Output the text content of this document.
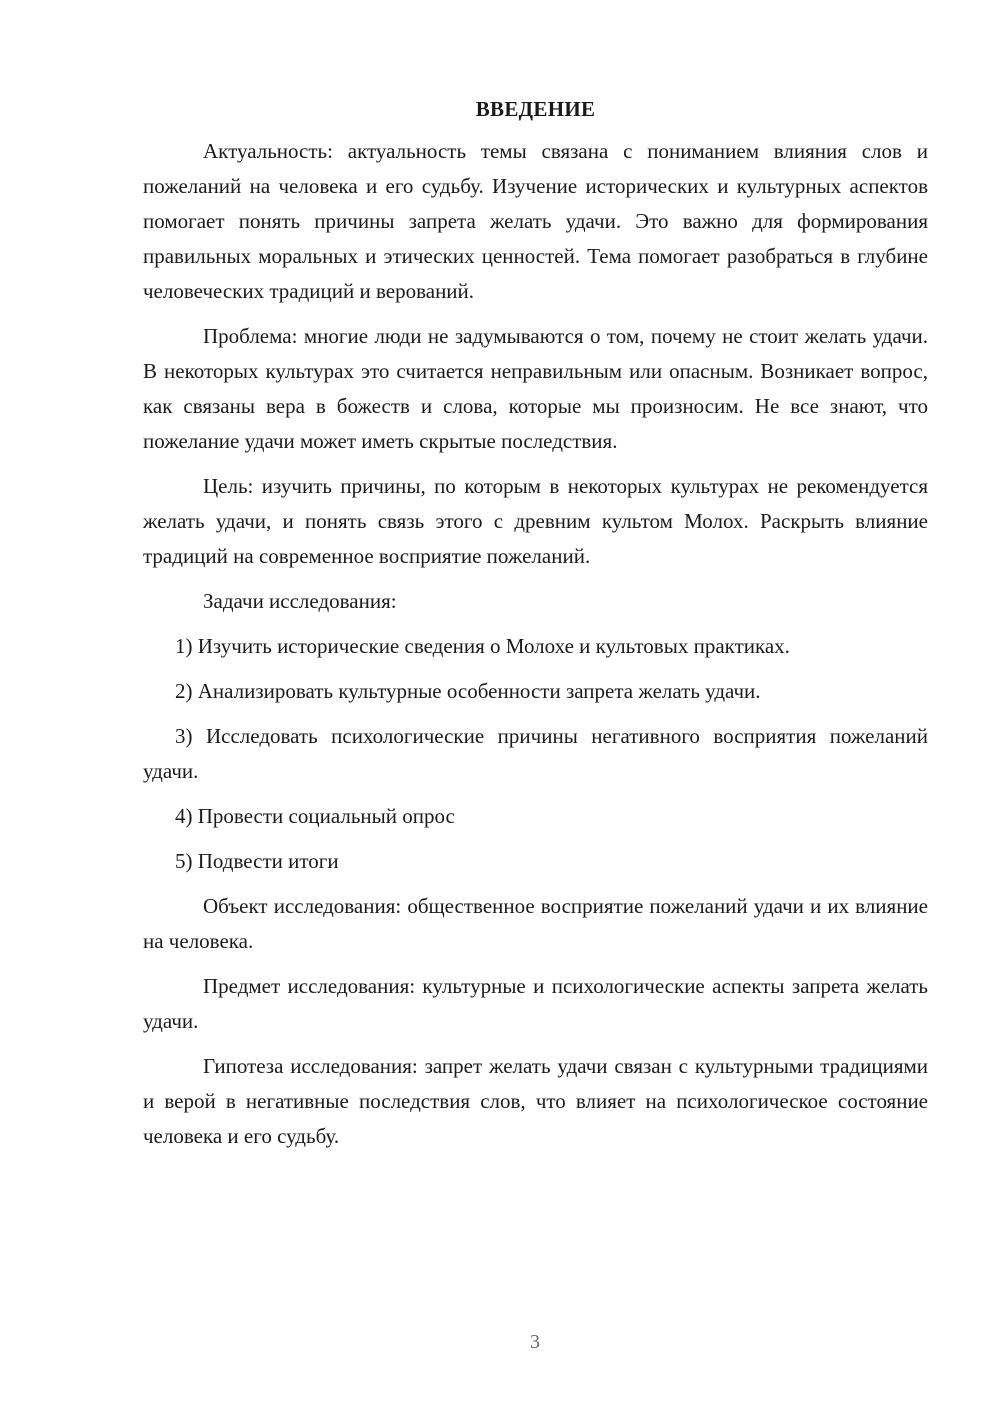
ВВЕДЕНИЕ

Актуальность: актуальность темы связана с пониманием влияния слов и пожеланий на человека и его судьбу. Изучение исторических и культурных аспектов помогает понять причины запрета желать удачи. Это важно для формирования правильных моральных и этических ценностей. Тема помогает разобраться в глубине человеческих традиций и верований.

Проблема: многие люди не задумываются о том, почему не стоит желать удачи. В некоторых культурах это считается неправильным или опасным. Возникает вопрос, как связаны вера в божеств и слова, которые мы произносим. Не все знают, что пожелание удачи может иметь скрытые последствия.

Цель: изучить причины, по которым в некоторых культурах не рекомендуется желать удачи, и понять связь этого с древним культом Молох. Раскрыть влияние традиций на современное восприятие пожеланий.

Задачи исследования:

1) Изучить исторические сведения о Молохе и культовых практиках.

2) Анализировать культурные особенности запрета желать удачи.

3) Исследовать психологические причины негативного восприятия пожеланий удачи.

4) Провести социальный опрос

5) Подвести итоги

Объект исследования: общественное восприятие пожеланий удачи и их влияние на человека.

Предмет исследования: культурные и психологические аспекты запрета желать удачи.

Гипотеза исследования: запрет желать удачи связан с культурными традициями и верой в негативные последствия слов, что влияет на психологическое состояние человека и его судьбу.

3
